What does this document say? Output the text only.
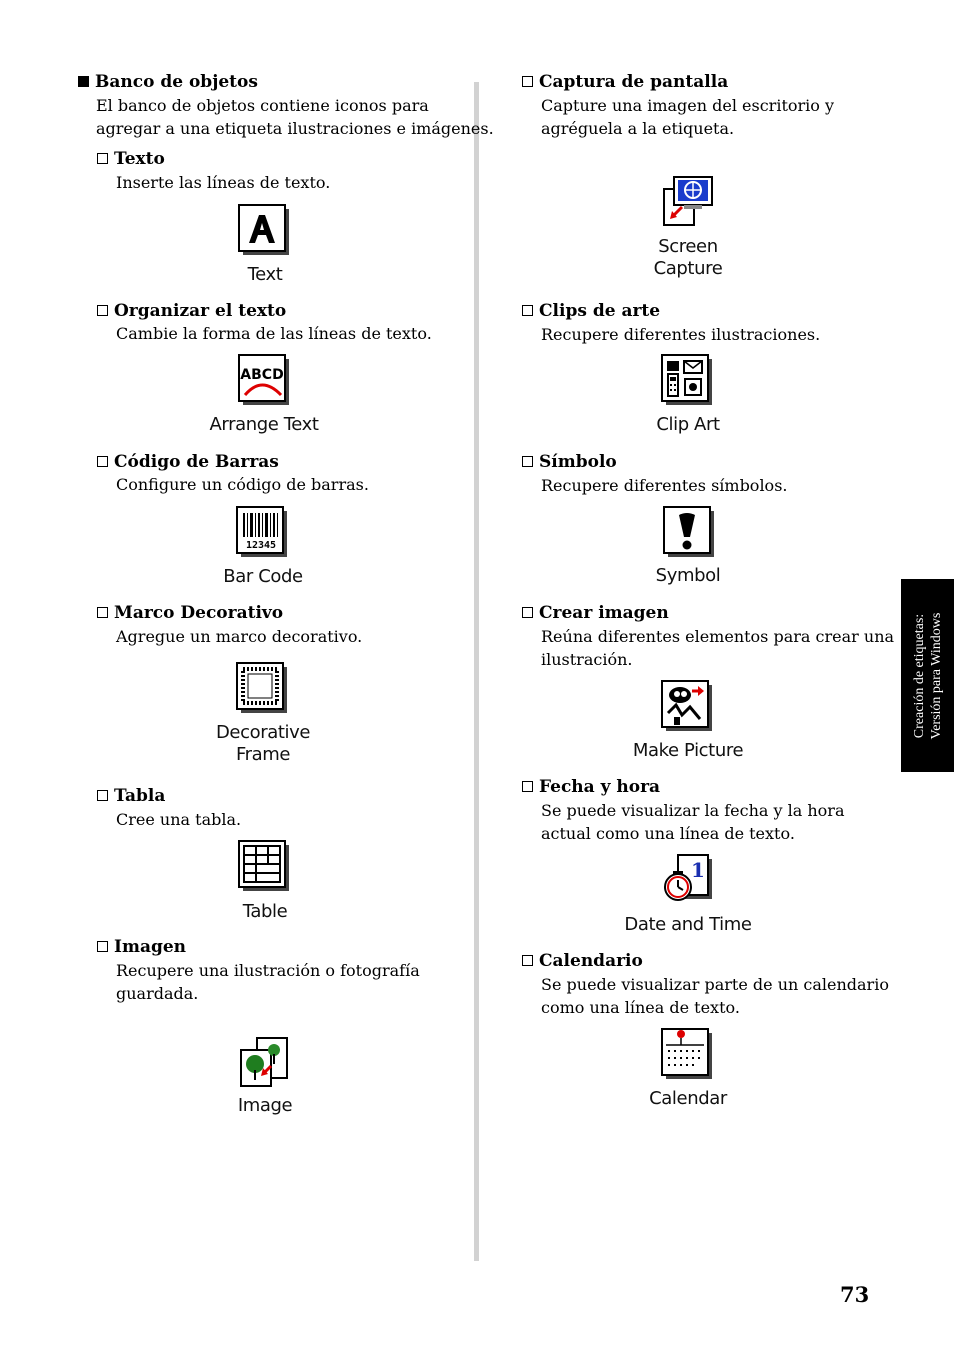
Banco de objetos
El banco de objetos contiene iconos para
agregar a una etiqueta ilustraciones e imágenes.
Texto
Inserte las líneas de texto.
Text
Organizar el texto
Cambie la forma de las líneas de texto.
ABCD
Arrange Text
Código de Barras
Configure un código de barras.
12345
Bar Code
Marco Decorativo
Agregue un marco decorativo.
Decorative
Frame
Tabla
Cree una tabla.
Table
Imagen
Recupere una ilustración o fotografía
guardada.
Image
Captura de pantalla
Capture una imagen del escritorio y
agréguela a la etiqueta.
Screen
Capture
Clips de arte
Recupere diferentes ilustraciones.
Clip Art
Símbolo
Recupere diferentes símbolos.
Symbol
Crear imagen
Reúna diferentes elementos para crear una
ilustración.
Make Picture
Fecha y hora
Se puede visualizar la fecha y la hora
actual como una línea de texto.
1
Date and Time
Calendario
Se puede visualizar parte de un calendario
como una línea de texto.
Calendar
Creación de etiquetas: Versión para Windows
73
